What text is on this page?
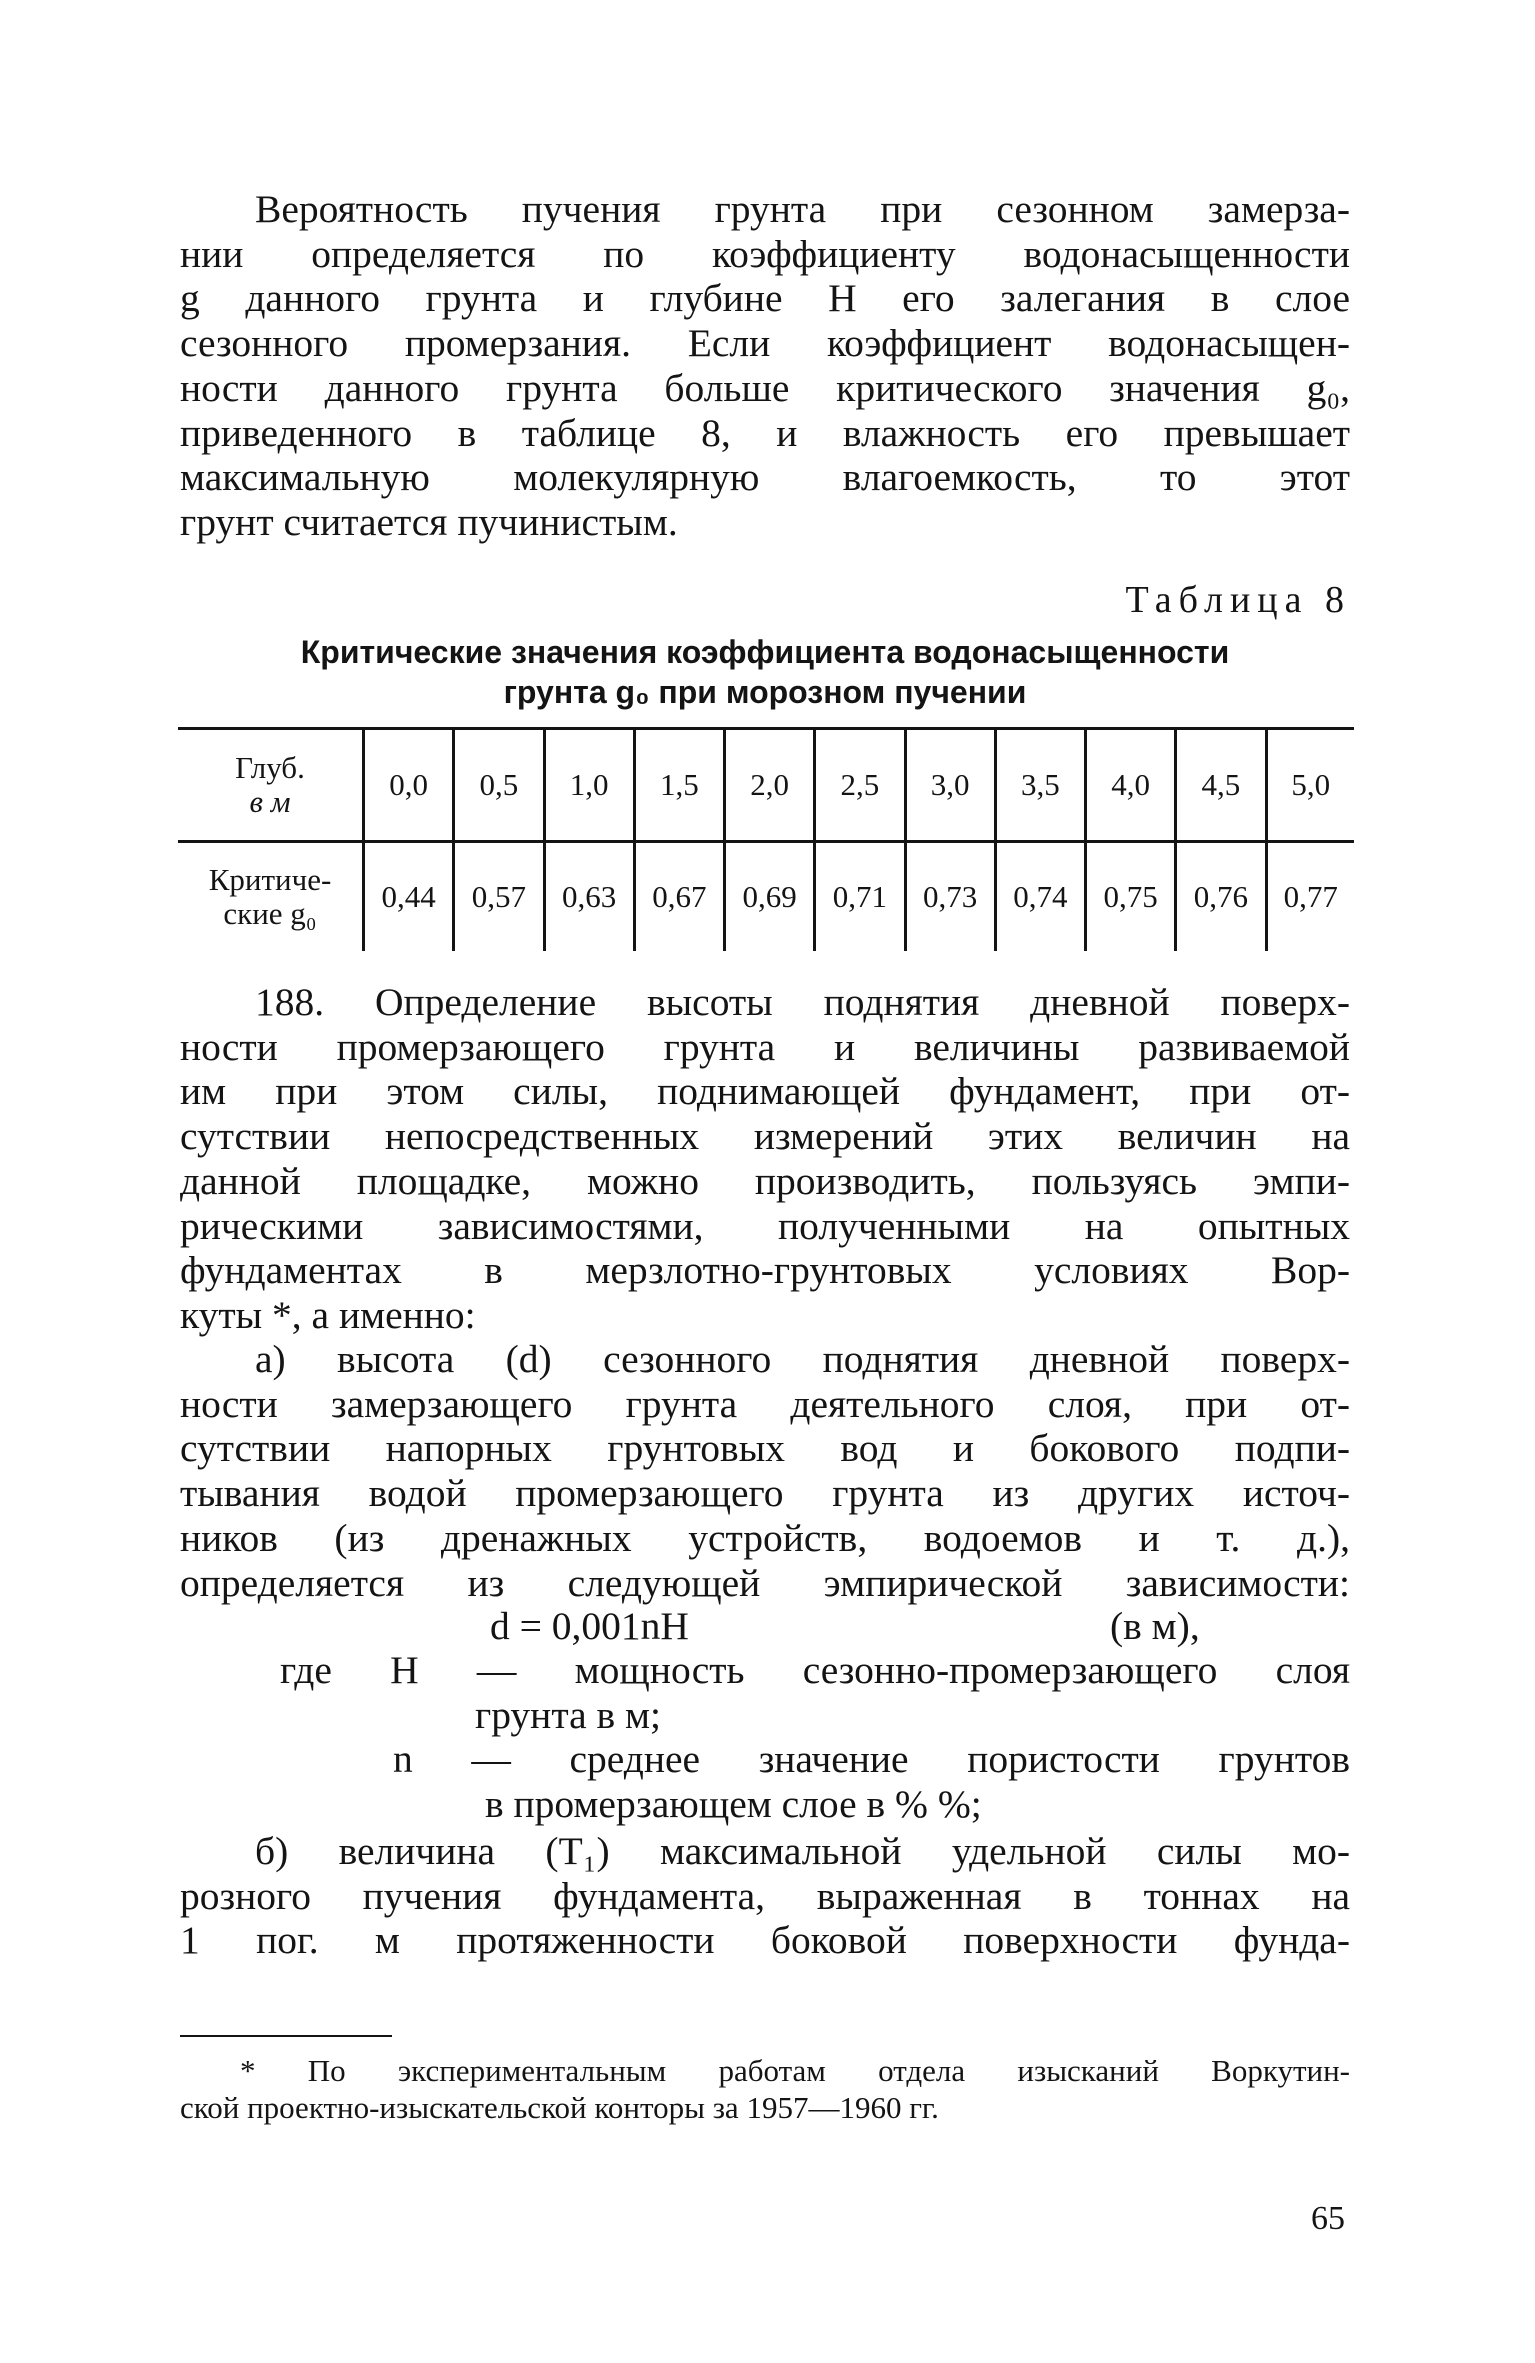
Вероятность пучения грунта при сезонном замерза-
нии определяется по коэффициенту водонасыщенности
g данного грунта и глубине H его залегания в слое
сезонного промерзания. Если коэффициент водонасыщен-
ности данного грунта больше критического значения g₀,
приведенного в таблице 8, и влажность его превышает
максимальную молекулярную влагоемкость, то этот
грунт считается пучинистым.

Таблица 8

Критические значения коэффициента водонасыщенности
грунта g₀ при морозном пучении
Глуб.
в м	0,0	0,5	1,0	1,5	2,0	2,5	3,0	3,5	4,0	4,5	5,0

Критиче-
ские g₀	0,44	0,57	0,63	0,67	0,69	0,71	0,73	0,74	0,75	0,76	0,77
188. Определение высоты поднятия дневной поверх-
ности промерзающего грунта и величины развиваемой
им при этом силы, поднимающей фундамент, при от-
сутствии непосредственных измерений этих величин на
данной площадке, можно производить, пользуясь эмпи-
рическими зависимостями, полученными на опытных
фундаментах в мерзлотно-грунтовых условиях Вор-
куты *, а именно:
а) высота (d) сезонного поднятия дневной поверх-
ности замерзающего грунта деятельного слоя, при от-
сутствии напорных грунтовых вод и бокового подпи-
тывания водой промерзающего грунта из других источ-
ников (из дренажных устройств, водоемов и т. д.),
определяется из следующей эмпирической зависимости:
d = 0,001nH	(в м),
где H — мощность сезонно-промерзающего слоя
грунта в м;
n — среднее значение пористости грунтов
в промерзающем слое в % %;
б) величина (T₁) максимальной удельной силы мо-
розного пучения фундамента, выраженная в тоннах на
1 пог. м протяженности боковой поверхности фунда-
* По экспериментальным работам отдела изысканий Воркутин-
ской проектно-изыскательской конторы за 1957—1960 гг.

65
